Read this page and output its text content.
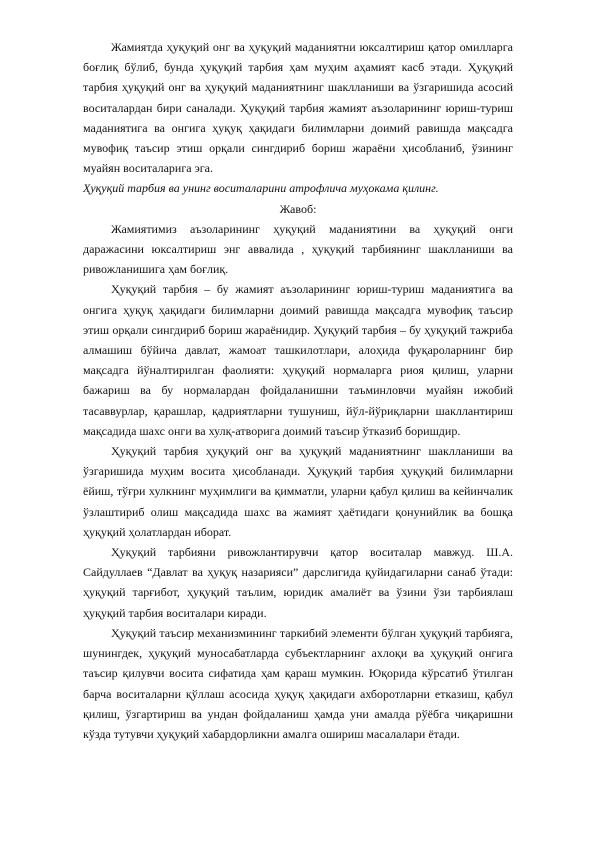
Жамиятда ҳуқуқий онг ва ҳуқуқий маданиятни юксалтириш қатор омилларга боғлиқ бўлиб, бунда ҳуқуқий тарбия ҳам муҳим аҳамият касб этади. Ҳуқуқий тарбия ҳуқуқий онг ва ҳуқуқий маданиятнинг шаклланиши ва ўзгаришида асосий воситалардан бири саналади. Ҳуқуқий тарбия жамият аъзоларининг юриш-туриш маданиятига ва онгига ҳуқуқ ҳақидаги билимларни доимий равишда мақсадга мувофиқ таъсир этиш орқали сингдириб бориш жараёни ҳисобланиб, ўзининг муайян воситаларига эга.

Ҳуқуқий тарбия ва унинг воситаларини атрофлича муҳокама қилинг.

Жавоб:

Жамиятимиз аъзоларининг ҳуқуқий маданиятини ва ҳуқуқий онги даражасини юксалтириш энг аввалида , ҳуқуқий тарбиянинг шаклланиши ва ривожланишига ҳам боғлиқ.

Ҳуқуқий тарбия – бу жамият аъзоларининг юриш-туриш маданиятига ва онгига ҳуқуқ ҳақидаги билимларни доимий равишда мақсадга мувофиқ таъсир этиш орқали сингдириб бориш жараёнидир. Ҳуқуқий тарбия – бу ҳуқуқий тажриба алмашиш бўйича давлат, жамоат ташкилотлари, алоҳида фуқароларнинг бир мақсадга йўналтирилган фаолияти: ҳуқуқий нормаларга риоя қилиш, уларни бажариш ва бу нормалардан фойдаланишни таъминловчи муайян ижобий тасаввурлар, қарашлар, қадриятларни тушуниш, йўл-йўриқларни шакллантириш мақсадида шахс онги ва хулқ-атворига доимий таъсир ўтказиб боришдир.

Ҳуқуқий тарбия ҳуқуқий онг ва ҳуқуқий маданиятнинг шаклланиши ва ўзгаришида муҳим восита ҳисобланади. Ҳуқуқий тарбия ҳуқуқий билимларни ёйиш, тўғри хулкнинг муҳимлиги ва қимматли, уларни қабул қилиш ва кейинчалик ўзлаштириб олиш мақсадида шахс ва жамият ҳаётидаги қонунийлик ва бошқа ҳуқуқий ҳолатлардан иборат.

Ҳуқуқий тарбияни ривожлантирувчи қатор воситалар мавжуд. Ш.А. Сайдуллаев “Давлат ва ҳуқуқ назарияси” дарслигида қуйидагиларни санаб ўтади: ҳуқуқий тарғибот, ҳуқуқий таълим, юридик амалиёт ва ўзини ўзи тарбиялаш ҳуқуқий тарбия воситалари киради.

Ҳуқуқий таъсир механизмининг таркибий элементи бўлган ҳуқуқий тарбияга, шунингдек, ҳуқуқий муносабатларда субъектларнинг ахлоқи ва ҳуқуқий онгига таъсир қилувчи восита сифатида ҳам қараш мумкин. Юқорида кўрсатиб ўтилган барча воситаларни қўллаш асосида ҳуқуқ ҳақидаги ахборотларни етказиш, қабул қилиш, ўзгартириш ва ундан фойдаланиш ҳамда уни амалда рўёбга чиқаришни кўзда тутувчи ҳуқуқий хабардорликни амалга ошириш масалалари ётади.
